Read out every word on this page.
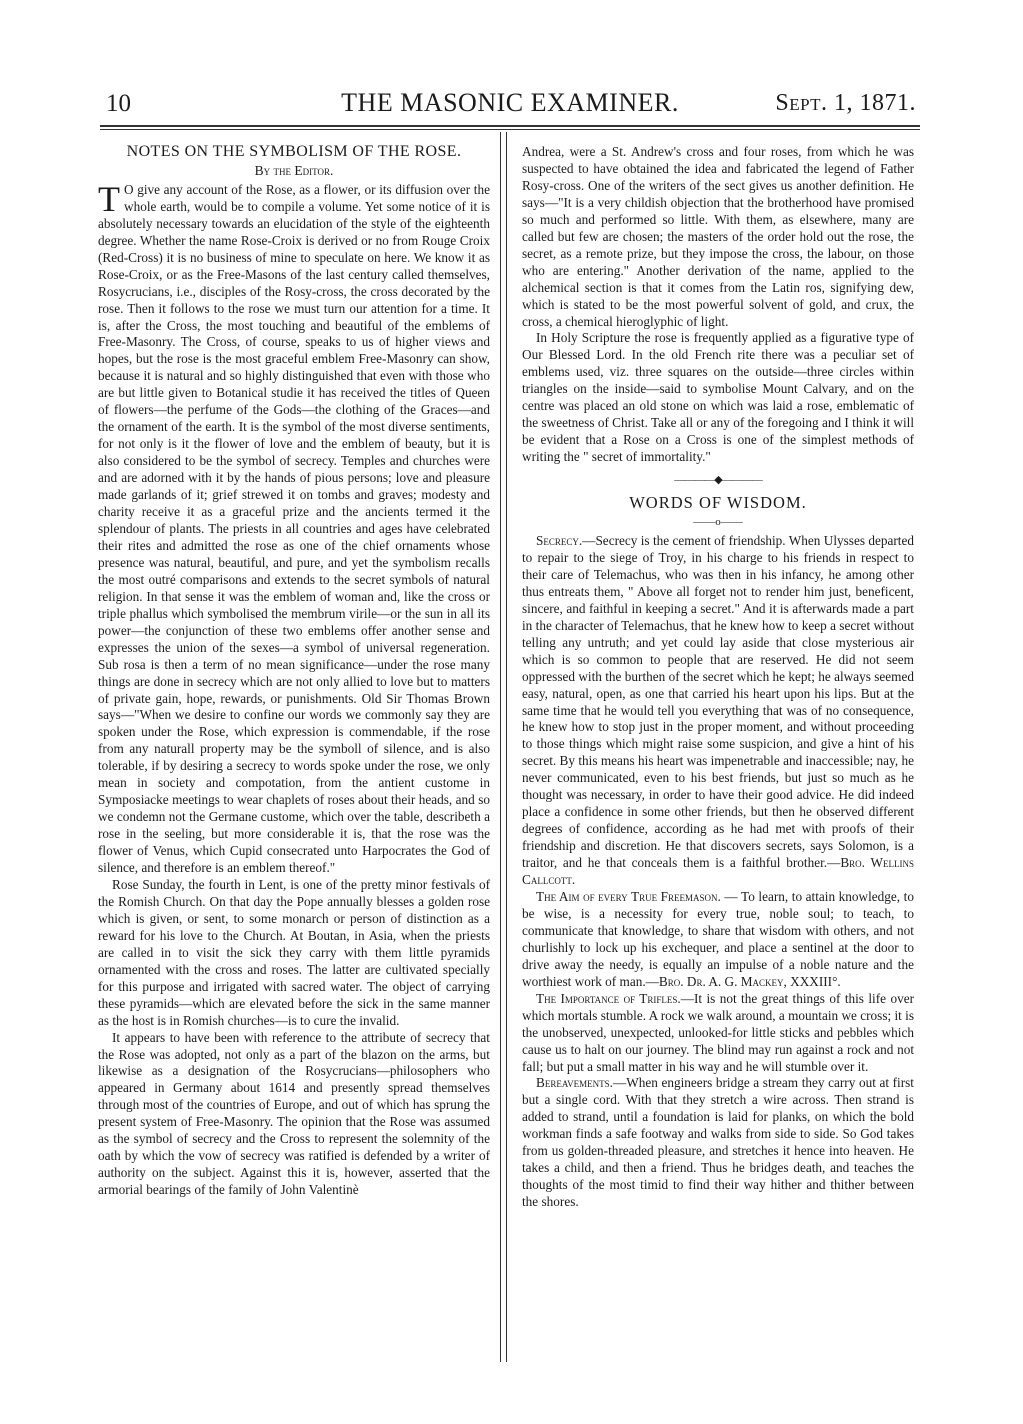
10	THE MASONIC EXAMINER.	Sept. 1, 1871.
NOTES ON THE SYMBOLISM OF THE ROSE.
By the Editor.

T O give any account of the Rose, as a flower, or its diffusion over the whole earth, would be to compile a volume. Yet some notice of it is absolutely necessary towards an elucidation of the style of the eighteenth degree. Whether the name Rose-Croix is derived or no from Rouge Croix (Red-Cross) it is no business of mine to speculate on here. We know it as Rose-Croix, or as the Free-Masons of the last century called themselves, Rosycrucians, i.e., disciples of the Rosy-cross, the cross decorated by the rose. Then it follows to the rose we must turn our attention for a time. It is, after the Cross, the most touching and beautiful of the emblems of Free-Masonry. The Cross, of course, speaks to us of higher views and hopes, but the rose is the most graceful emblem Free-Masonry can show, because it is natural and so highly distinguished that even with those who are but little given to Botanical studie it has received the titles of Queen of flowers—the perfume of the Gods—the clothing of the Graces—and the ornament of the earth. It is the symbol of the most diverse sentiments, for not only is it the flower of love and the emblem of beauty, but it is also considered to be the symbol of secrecy. Temples and churches were and are adorned with it by the hands of pious persons; love and pleasure made garlands of it; grief strewed it on tombs and graves; modesty and charity receive it as a graceful prize and the ancients termed it the splendour of plants. The priests in all countries and ages have celebrated their rites and admitted the rose as one of the chief ornaments whose presence was natural, beautiful, and pure, and yet the symbolism recalls the most outré comparisons and extends to the secret symbols of natural religion. In that sense it was the emblem of woman and, like the cross or triple phallus which symbolised the membrum virile—or the sun in all its power—the conjunction of these two emblems offer another sense and expresses the union of the sexes—a symbol of universal regeneration. Sub rosa is then a term of no mean significance—under the rose many things are done in secrecy which are not only allied to love but to matters of private gain, hope, rewards, or punishments. Old Sir Thomas Brown says—"When we desire to confine our words we commonly say they are spoken under the Rose, which expression is commendable, if the rose from any naturall property may be the symboll of silence, and is also tolerable, if by desiring a secrecy to words spoke under the rose, we only mean in society and compotation, from the antient custome in Symposiacke meetings to wear chaplets of roses about their heads, and so we condemn not the Germane custome, which over the table, describeth a rose in the seeling, but more considerable it is, that the rose was the flower of Venus, which Cupid consecrated unto Harpocrates the God of silence, and therefore is an emblem thereof."

Rose Sunday, the fourth in Lent, is one of the pretty minor festivals of the Romish Church. On that day the Pope annually blesses a golden rose which is given, or sent, to some monarch or person of distinction as a reward for his love to the Church. At Boutan, in Asia, when the priests are called in to visit the sick they carry with them little pyramids ornamented with the cross and roses. The latter are cultivated specially for this purpose and irrigated with sacred water. The object of carrying these pyramids—which are elevated before the sick in the same manner as the host is in Romish churches—is to cure the invalid.

It appears to have been with reference to the attribute of secrecy that the Rose was adopted, not only as a part of the blazon on the arms, but likewise as a designation of the Rosycrucians—philosophers who appeared in Germany about 1614 and presently spread themselves through most of the countries of Europe, and out of which has sprung the present system of Free-Masonry. The opinion that the Rose was assumed as the symbol of secrecy and the Cross to represent the solemnity of the oath by which the vow of secrecy was ratified is defended by a writer of authority on the subject. Against this it is, however, asserted that the armorial bearings of the family of John Valentinè

Andrea, were a St. Andrew's cross and four roses, from which he was suspected to have obtained the idea and fabricated the legend of Father Rosy-cross. One of the writers of the sect gives us another definition. He says—"It is a very childish objection that the brotherhood have promised so much and performed so little. With them, as elsewhere, many are called but few are chosen; the masters of the order hold out the rose, the secret, as a remote prize, but they impose the cross, the labour, on those who are entering." Another derivation of the name, applied to the alchemical section is that it comes from the Latin ros, signifying dew, which is stated to be the most powerful solvent of gold, and crux, the cross, a chemical hieroglyphic of light.

In Holy Scripture the rose is frequently applied as a figurative type of Our Blessed Lord. In the old French rite there was a peculiar set of emblems used, viz. three squares on the outside—three circles within triangles on the inside—said to symbolise Mount Calvary, and on the centre was placed an old stone on which was laid a rose, emblematic of the sweetness of Christ. Take all or any of the foregoing and I think it will be evident that a Rose on a Cross is one of the simplest methods of writing the " secret of immortality."

————◆————
WORDS OF WISDOM.
——o——

Secrecy.—Secrecy is the cement of friendship. When Ulysses departed to repair to the siege of Troy, in his charge to his friends in respect to their care of Telemachus, who was then in his infancy, he among other thus entreats them, " Above all forget not to render him just, beneficent, sincere, and faithful in keeping a secret." And it is afterwards made a part in the character of Telemachus, that he knew how to keep a secret without telling any untruth; and yet could lay aside that close mysterious air which is so common to people that are reserved. He did not seem oppressed with the burthen of the secret which he kept; he always seemed easy, natural, open, as one that carried his heart upon his lips. But at the same time that he would tell you everything that was of no consequence, he knew how to stop just in the proper moment, and without proceeding to those things which might raise some suspicion, and give a hint of his secret. By this means his heart was impenetrable and inaccessible; nay, he never communicated, even to his best friends, but just so much as he thought was necessary, in order to have their good advice. He did indeed place a confidence in some other friends, but then he observed different degrees of confidence, according as he had met with proofs of their friendship and discretion. He that discovers secrets, says Solomon, is a traitor, and he that conceals them is a faithful brother.—Bro. Wellins Callcott.

The Aim of every True Freemason. — To learn, to attain knowledge, to be wise, is a necessity for every true, noble soul; to teach, to communicate that knowledge, to share that wisdom with others, and not churlishly to lock up his exchequer, and place a sentinel at the door to drive away the needy, is equally an impulse of a noble nature and the worthiest work of man.—Bro. Dr. A. G. Mackey, XXXIII°.

The Importance of Trifles.—It is not the great things of this life over which mortals stumble. A rock we walk around, a mountain we cross; it is the unobserved, unexpected, unlooked-for little sticks and pebbles which cause us to halt on our journey. The blind may run against a rock and not fall; but put a small matter in his way and he will stumble over it.

Bereavements.—When engineers bridge a stream they carry out at first but a single cord. With that they stretch a wire across. Then strand is added to strand, until a foundation is laid for planks, on which the bold workman finds a safe footway and walks from side to side. So God takes from us golden-threaded pleasure, and stretches it hence into heaven. He takes a child, and then a friend. Thus he bridges death, and teaches the thoughts of the most timid to find their way hither and thither between the shores.
